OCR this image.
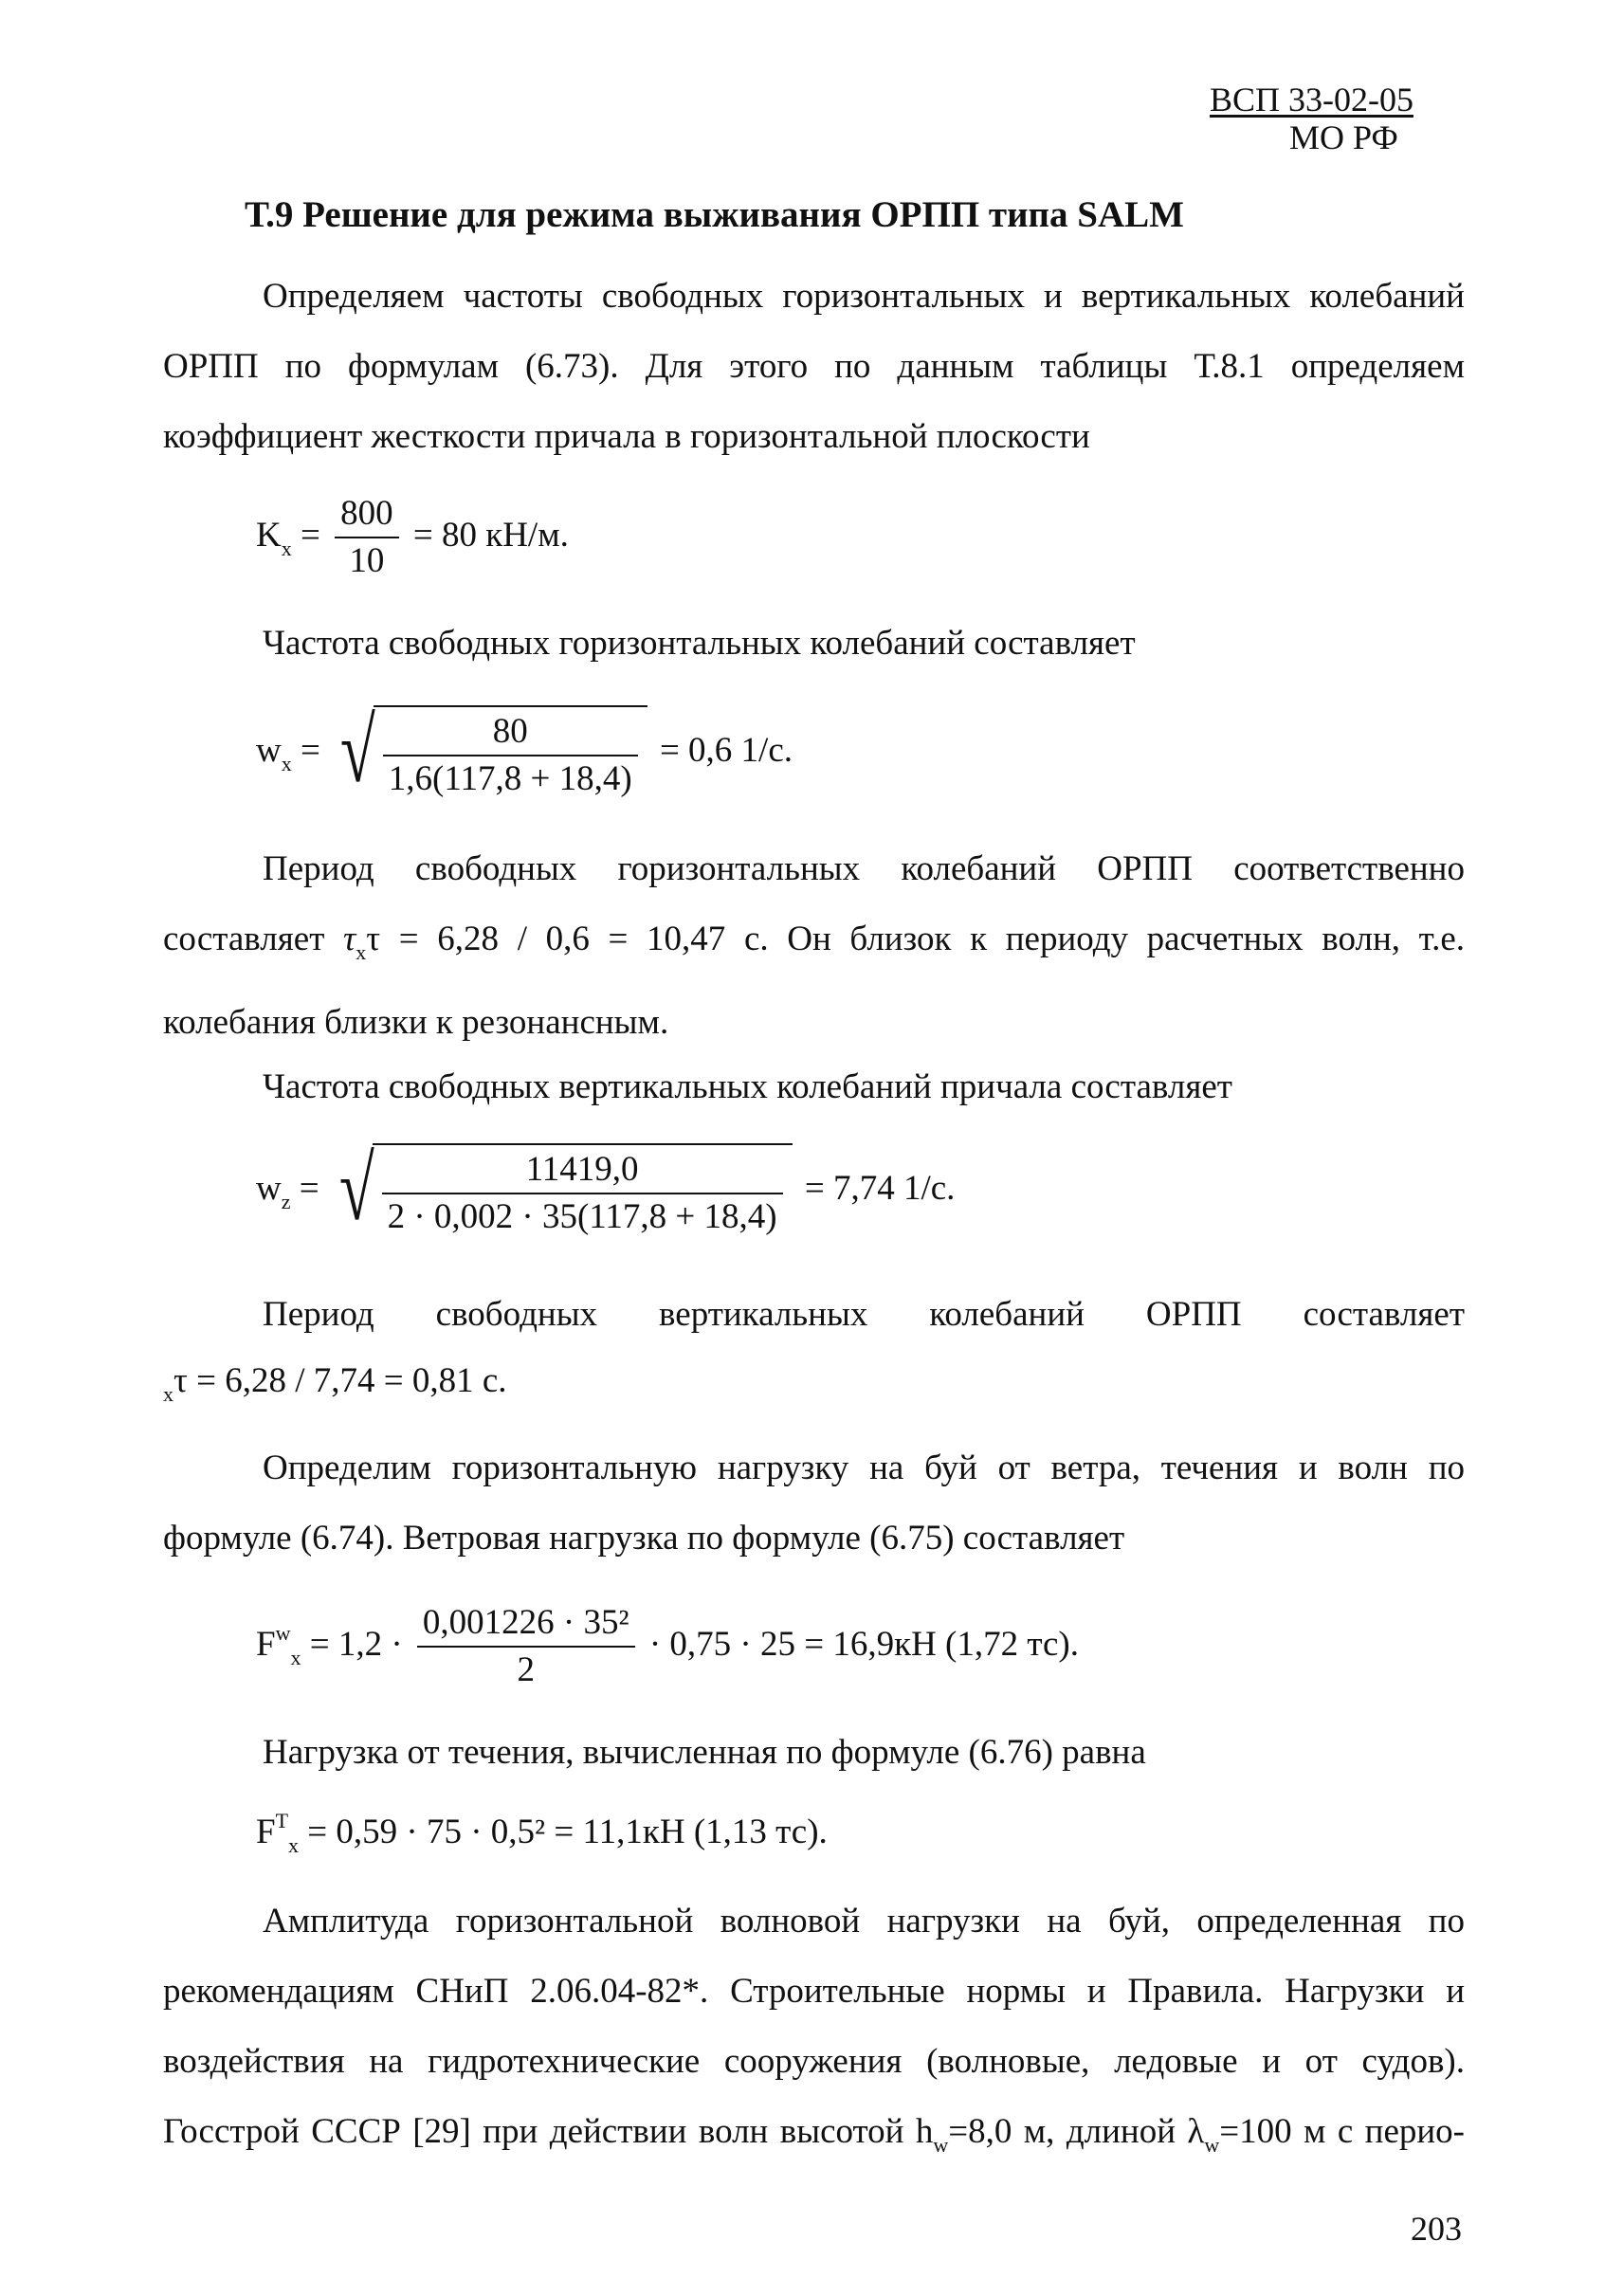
ВСП 33-02-05
МО РФ
Т.9 Решение для режима выживания ОРПП типа SALM

Определяем частоты свободных горизонтальных и вертикальных колебаний ОРПП по формулам (6.73). Для этого по данным таблицы Т.8.1 определяем коэффициент жесткости причала в горизонтальной плоскости

$K_x = \frac{800}{10} = 80$ кН/м.

Частота свободных горизонтальных колебаний составляет

$w_x$ = √ $\frac{80}{1,6(117,8 + 18,4)} = 0,6$ 1/с.

Период свободных горизонтальных колебаний ОРПП соответственно составляет $\tau_x\tau = 6,28 / 0,6 = 10,47$ с. Он близок к периоду расчетных волн, т.е. колебания близки к резонансным.

Частота свободных вертикальных колебаний причала составляет

$w_z$ = √ $\frac{11419,0}{2 \cdot 0,002 \cdot 35(117,8 + 18,4)} = 7,74$ 1/с.

Период свободных вертикальных колебаний ОРПП составляет

$_x$τ = 6,28 / 7,74 = 0,81 с.

Определим горизонтальную нагрузку на буй от ветра, течения и волн по формуле (6.74). Ветровая нагрузка по формуле (6.75) составляет

$F^w_x = 1,2 \cdot \frac{\text{0,001226 · 35²}}{2} \cdot 0,75 \cdot 25 = 16,9кН$ (1,72 тс).

Нагрузка от течения, вычисленная по формуле (6.76) равна

$F^T_x = 0,59 \cdot 75 \cdot 0,5^2 = 11,1кН$ (1,13 тс).

Амплитуда горизонтальной волновой нагрузки на буй, определенная по рекомендациям СНиП 2.06.04-82*. Строительные нормы и Правила. Нагрузки и воздействия на гидротехнические сооружения (волновые, ледовые и от судов). Госстрой СССР [29] при действии волн высотой $h_w=8,0$ м, длиной $\lambda_w=100$ м с перио-

203
